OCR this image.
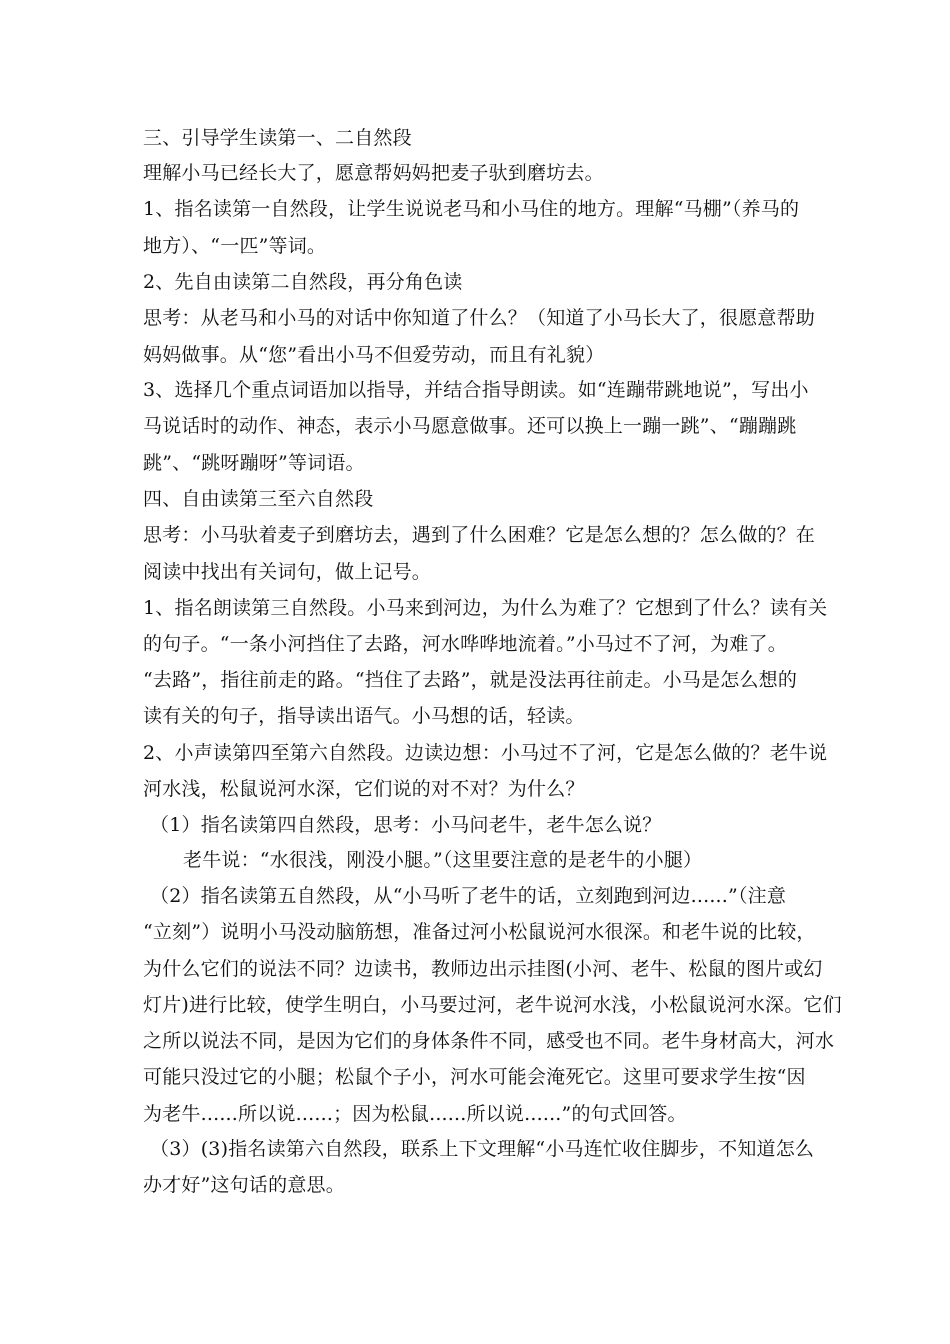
三、引导学生读第一、二自然段
理解小马已经长大了，愿意帮妈妈把麦子驮到磨坊去。
1、指名读第一自然段，让学生说说老马和小马住的地方。理解“马棚”（养马的
地方）、“一匹”等词。
2、先自由读第二自然段，再分角色读
思考：从老马和小马的对话中你知道了什么？（知道了小马长大了，很愿意帮助
妈妈做事。从“您”看出小马不但爱劳动，而且有礼貌）
3、选择几个重点词语加以指导，并结合指导朗读。如“连蹦带跳地说”，写出小
马说话时的动作、神态，表示小马愿意做事。还可以换上一蹦一跳”、“蹦蹦跳
跳”、“跳呀蹦呀”等词语。
四、自由读第三至六自然段
思考：小马驮着麦子到磨坊去，遇到了什么困难？它是怎么想的？怎么做的？在
阅读中找出有关词句，做上记号。
1、指名朗读第三自然段。小马来到河边，为什么为难了？它想到了什么？读有关
的句子。“一条小河挡住了去路，河水哗哗地流着。”小马过不了河，为难了。
“去路”，指往前走的路。“挡住了去路”，就是没法再往前走。小马是怎么想的
读有关的句子，指导读出语气。小马想的话，轻读。
2、小声读第四至第六自然段。边读边想：小马过不了河，它是怎么做的？老牛说
河水浅，松鼠说河水深，它们说的对不对？为什么？
（1）指名读第四自然段，思考：小马问老牛，老牛怎么说？
老牛说：“水很浅，刚没小腿。”（这里要注意的是老牛的小腿）
（2）指名读第五自然段，从“小马听了老牛的话，立刻跑到河边......”（注意
“立刻”）说明小马没动脑筋想，准备过河小松鼠说河水很深。和老牛说的比较，
为什么它们的说法不同？边读书，教师边出示挂图(小河、老牛、松鼠的图片或幻
灯片)进行比较，使学生明白，小马要过河，老牛说河水浅，小松鼠说河水深。它们
之所以说法不同，是因为它们的身体条件不同，感受也不同。老牛身材高大，河水
可能只没过它的小腿；松鼠个子小，河水可能会淹死它。这里可要求学生按“因
为老牛......所以说......；因为松鼠......所以说......”的句式回答。
（3）(3)指名读第六自然段，联系上下文理解“小马连忙收住脚步，不知道怎么
办才好”这句话的意思。
